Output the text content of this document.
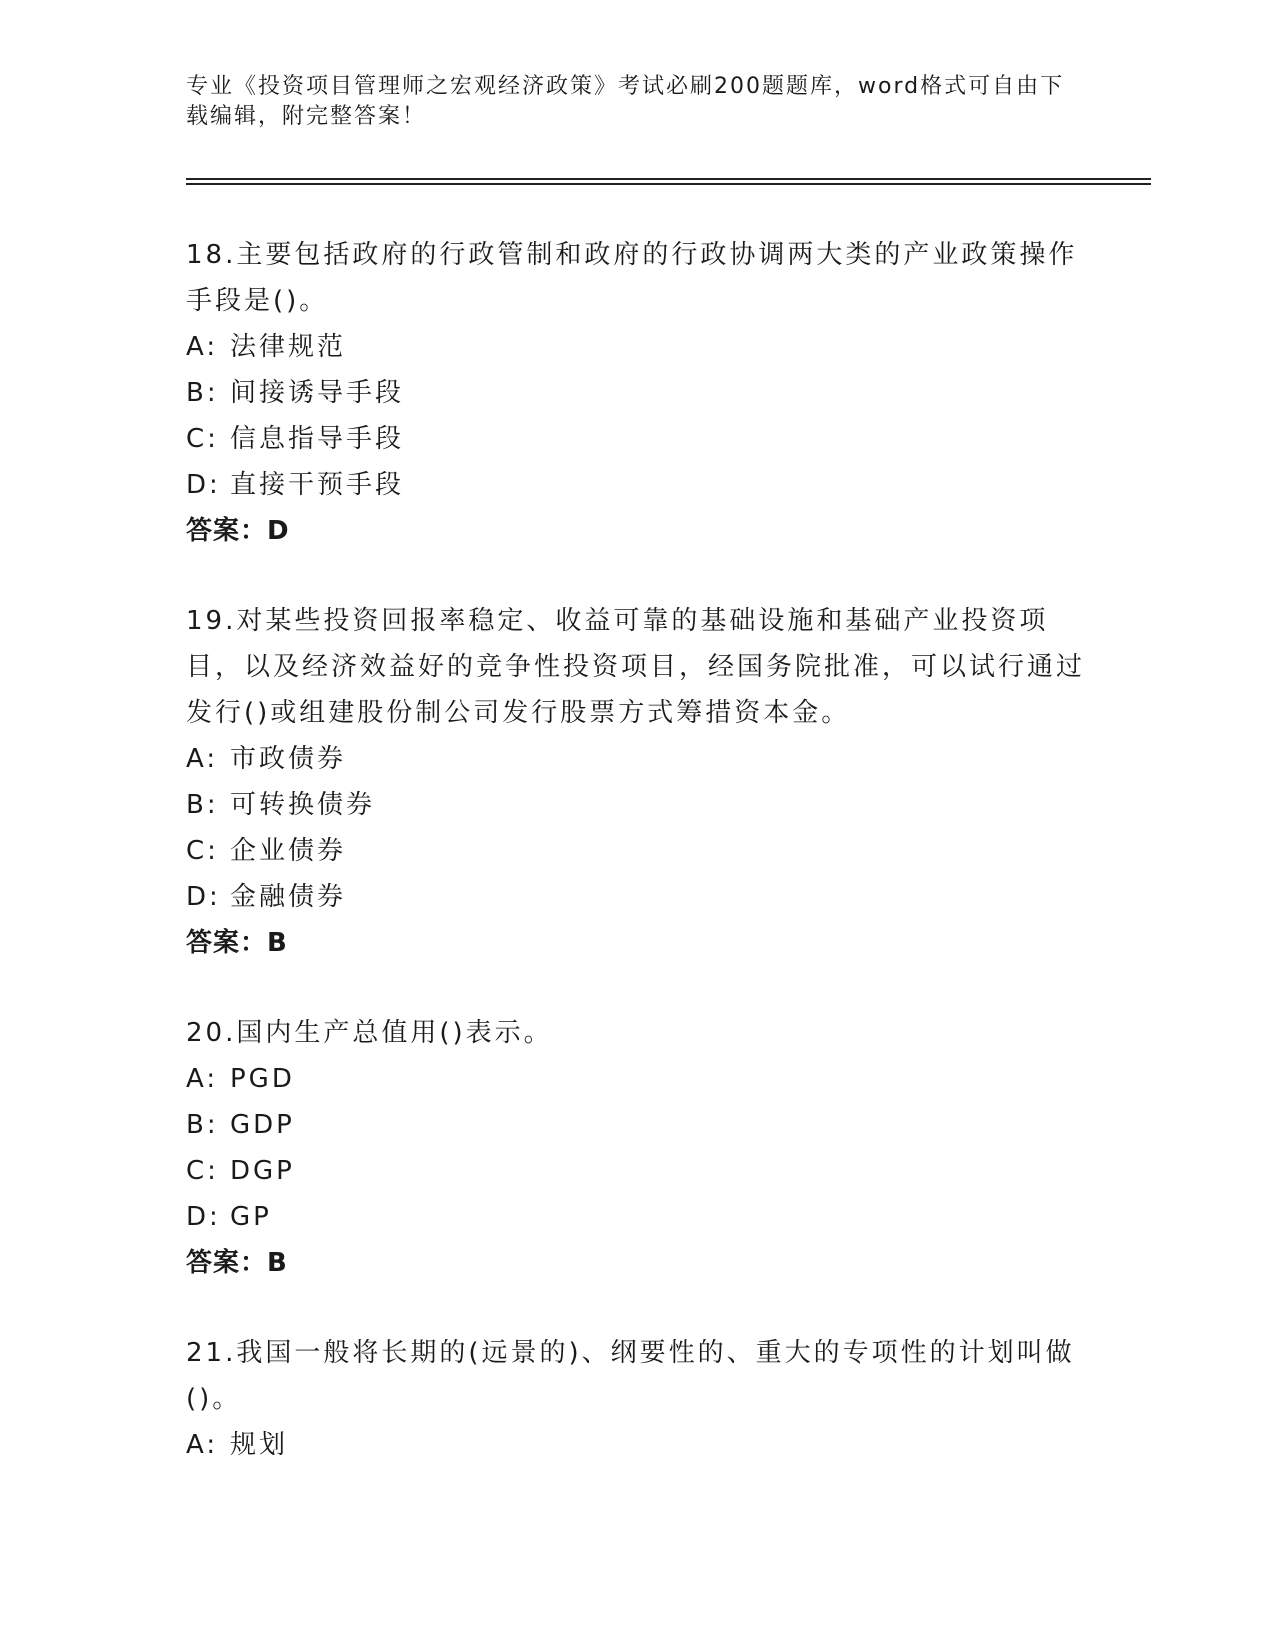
专业《投资项目管理师之宏观经济政策》考试必刷200题题库，word格式可自由下载编辑，附完整答案！

18.主要包括政府的行政管制和政府的行政协调两大类的产业政策操作手段是()。

A: 法律规范

B: 间接诱导手段

C: 信息指导手段

D: 直接干预手段

答案：D

19.对某些投资回报率稳定、收益可靠的基础设施和基础产业投资项目，以及经济效益好的竞争性投资项目，经国务院批准，可以试行通过发行()或组建股份制公司发行股票方式筹措资本金。

A: 市政债券

B: 可转换债券

C: 企业债券

D: 金融债券

答案：B

20.国内生产总值用()表示。

A: PGD

B: GDP

C: DGP

D: GP

答案：B

21.我国一般将长期的(远景的)、纲要性的、重大的专项性的计划叫做()。

A: 规划
